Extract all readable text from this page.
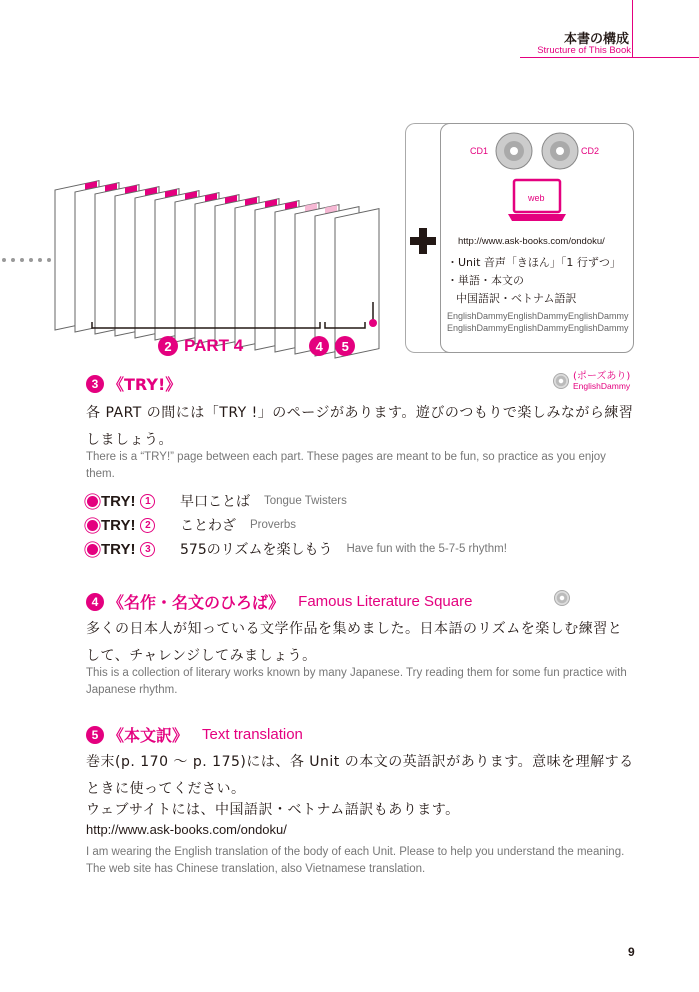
本書の構成
Structure of This Book
2 PART 4	4	5
CD1	CD2
web
http://www.ask-books.com/ondoku/
・Unit 音声「きほん」「1 行ずつ」
・単語・本文の
中国語訳・ベトナム語訳
EnglishDammyEnglishDammyEnglishDammyEnglishDammyEnglishDammyEnglishDammy
3 《TRY!》	(ポーズあり)
EnglishDammy
各 PART の間には「TRY !」のページがあります。遊びのつもりで楽しみながら練習しましょう。
There is a “TRY!” page between each part. These pages are meant to be fun, so practice as you enjoy them.
TRY! 1	早口ことば Tongue Twisters
TRY! 2	ことわざ Proverbs
TRY! 3	575のリズムを楽しもう Have fun with the 5-7-5 rhythm!
4 《名作・名文のひろば》 Famous Literature Square
多くの日本人が知っている文学作品を集めました。日本語のリズムを楽しむ練習として、チャレンジしてみましょう。
This is a collection of literary works known by many Japanese. Try reading them for some fun practice with Japanese rhythm.
5 《本文訳》 Text translation
巻末(p. 170 〜 p. 175)には、各 Unit の本文の英語訳があります。意味を理解するときに使ってください。
ウェブサイトには、中国語訳・ベトナム語訳もあります。
http://www.ask-books.com/ondoku/
I am wearing the English translation of the body of each Unit. Please to help you understand the meaning.
The web site has Chinese translation, also Vietnamese translation.
9
